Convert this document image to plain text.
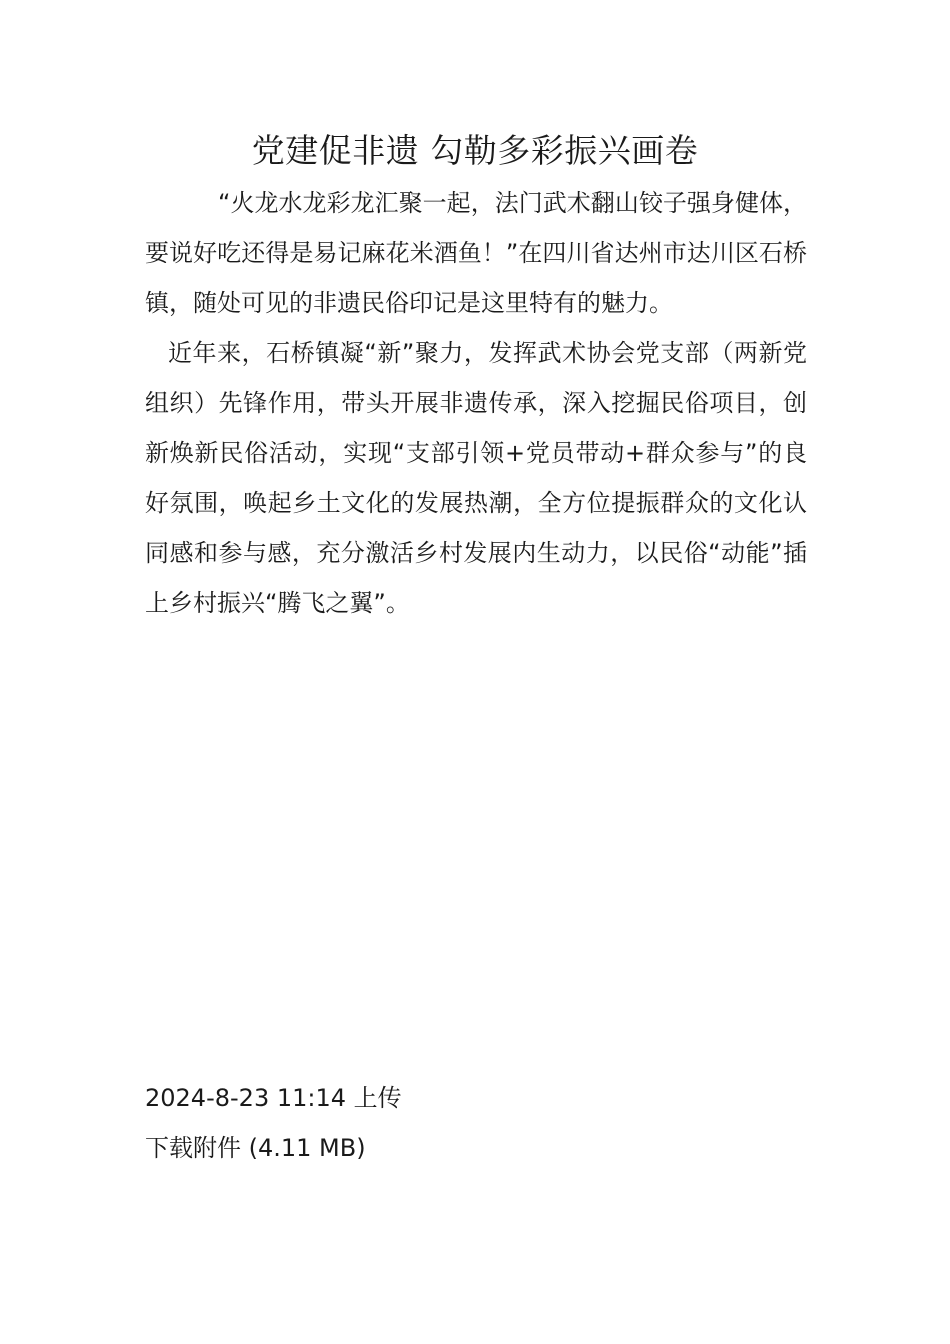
党建促非遗 勾勒多彩振兴画卷

“火龙水龙彩龙汇聚一起，法门武术翻山铰子强身健体，要说好吃还得是易记麻花米酒鱼！”在四川省达州市达川区石桥镇，随处可见的非遗民俗印记是这里特有的魅力。

近年来，石桥镇凝“新”聚力，发挥武术协会党支部（两新党组织）先锋作用，带头开展非遗传承，深入挖掘民俗项目，创新焕新民俗活动，实现“支部引领+党员带动+群众参与”的良好氛围，唤起乡土文化的发展热潮，全方位提振群众的文化认同感和参与感，充分激活乡村发展内生动力，以民俗“动能”插上乡村振兴“腾飞之翼”。

2024-8-23 11:14 上传

下载附件 (4.11 MB)
